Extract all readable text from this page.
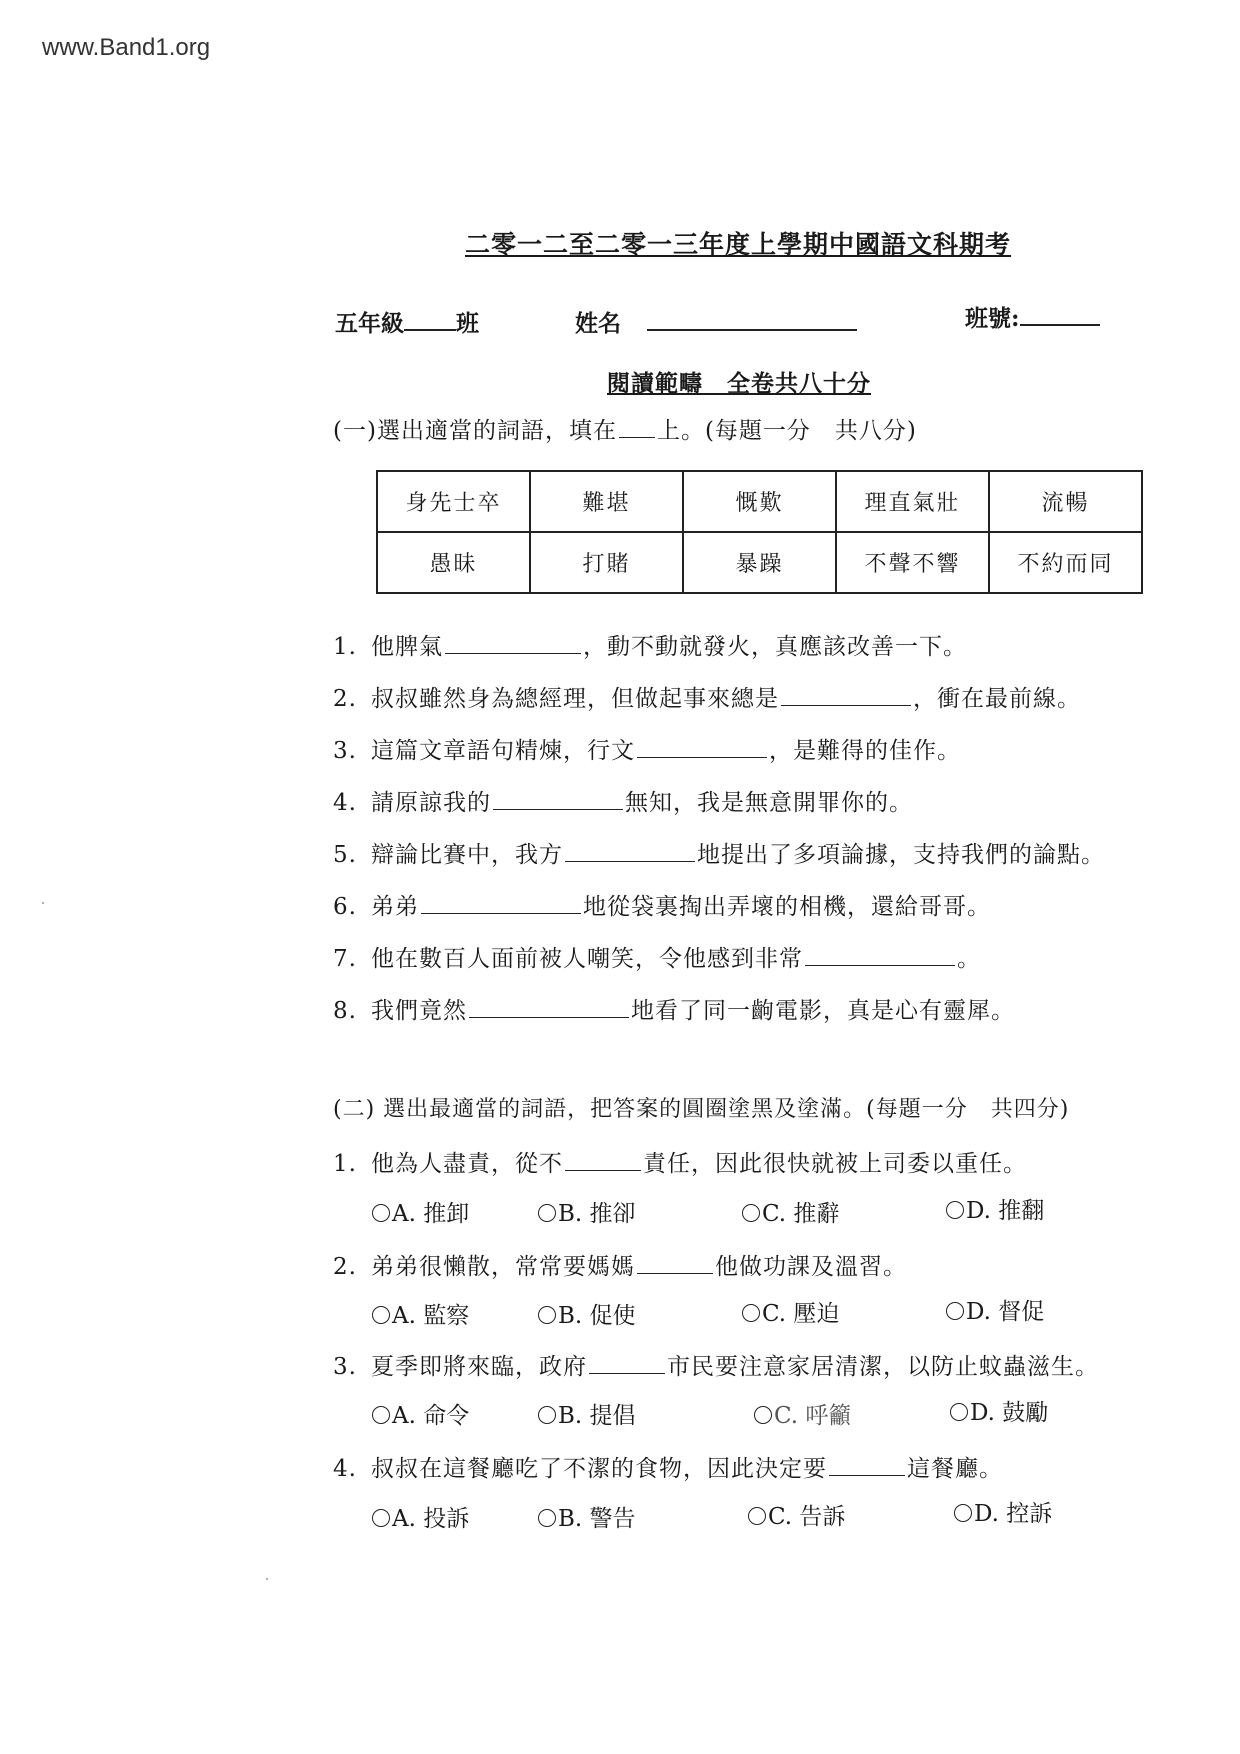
www.Band1.org
二零一二至二零一三年度上學期中國語文科期考
五年級 班	姓名	班號:
閱讀範疇　全卷共八十分
(一)選出適當的詞語，填在 上。(每題一分　共八分)
身先士卒	難堪	慨歎	理直氣壯	流暢
愚昧	打賭	暴躁	不聲不響	不約而同
1. 他脾氣	，動不動就發火，真應該改善一下。
2. 叔叔雖然身為總經理，但做起事來總是	，衝在最前線。
3. 這篇文章語句精煉，行文	，是難得的佳作。
4. 請原諒我的	無知，我是無意開罪你的。
5. 辯論比賽中，我方	地提出了多項論據，支持我們的論點。
6. 弟弟	地從袋裏掏出弄壞的相機，還給哥哥。
7. 他在數百人面前被人嘲笑，令他感到非常	。
8. 我們竟然	地看了同一齣電影，真是心有靈犀。
(二) 選出最適當的詞語，把答案的圓圈塗黑及塗滿。(每題一分　共四分)
1. 他為人盡責，從不	責任，因此很快就被上司委以重任。
A. 推卸	B. 推卻	C. 推辭	D. 推翻
2. 弟弟很懶散，常常要媽媽	他做功課及溫習。
A. 監察	B. 促使	C. 壓迫	D. 督促
3. 夏季即將來臨，政府	市民要注意家居清潔，以防止蚊蟲滋生。
A. 命令	B. 提倡	C. 呼籲	D. 鼓勵
4. 叔叔在這餐廳吃了不潔的食物，因此決定要	這餐廳。
A. 投訴	B. 警告	C. 告訴	D. 控訴
